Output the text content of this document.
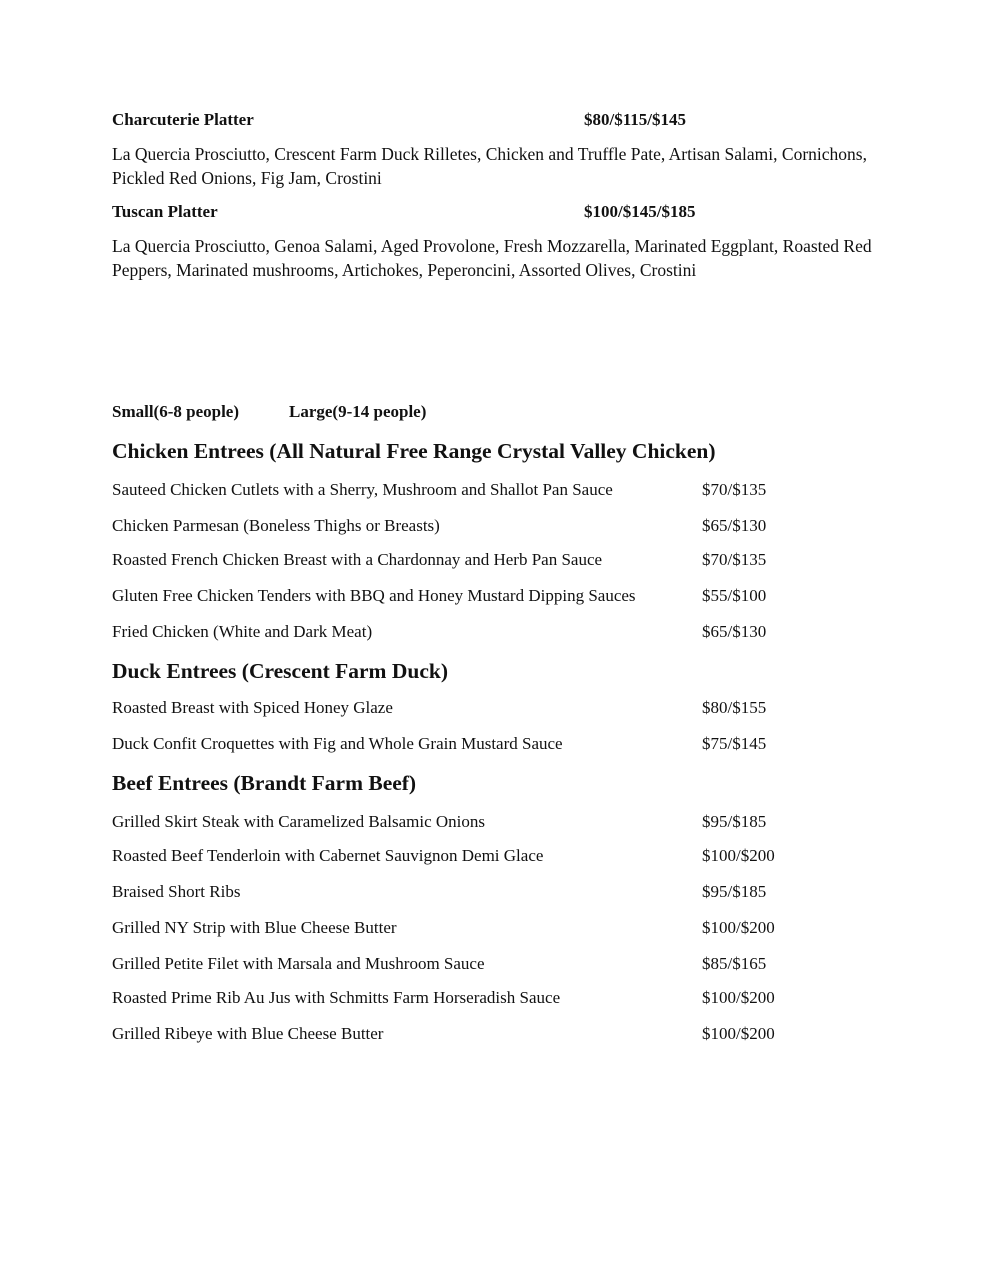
Charcuterie Platter	$80/$115/$145
La Quercia Prosciutto, Crescent Farm Duck Rilletes, Chicken and Truffle Pate, Artisan Salami, Cornichons, Pickled Red Onions, Fig Jam, Crostini
Tuscan Platter	$100/$145/$185
La Quercia Prosciutto, Genoa Salami, Aged Provolone, Fresh Mozzarella, Marinated Eggplant, Roasted Red Peppers, Marinated mushrooms, Artichokes, Peperoncini, Assorted Olives, Crostini
Small(6-8 people)	Large(9-14 people)
Chicken Entrees (All Natural Free Range Crystal Valley Chicken)
Sauteed Chicken Cutlets with a Sherry, Mushroom and Shallot Pan Sauce	$70/$135
Chicken Parmesan (Boneless Thighs or Breasts)	$65/$130
Roasted French Chicken Breast with a Chardonnay and Herb Pan Sauce	$70/$135
Gluten Free Chicken Tenders with BBQ and Honey Mustard Dipping Sauces	$55/$100
Fried Chicken (White and Dark Meat)	$65/$130
Duck Entrees (Crescent Farm Duck)
Roasted Breast with Spiced Honey Glaze	$80/$155
Duck Confit Croquettes with Fig and Whole Grain Mustard Sauce	$75/$145
Beef Entrees (Brandt Farm Beef)
Grilled Skirt Steak with Caramelized Balsamic Onions	$95/$185
Roasted Beef Tenderloin with Cabernet Sauvignon Demi Glace	$100/$200
Braised Short Ribs	$95/$185
Grilled NY Strip with Blue Cheese Butter	$100/$200
Grilled Petite Filet with Marsala and Mushroom Sauce	$85/$165
Roasted Prime Rib Au Jus with Schmitts Farm Horseradish Sauce	$100/$200
Grilled Ribeye with Blue Cheese Butter	$100/$200
